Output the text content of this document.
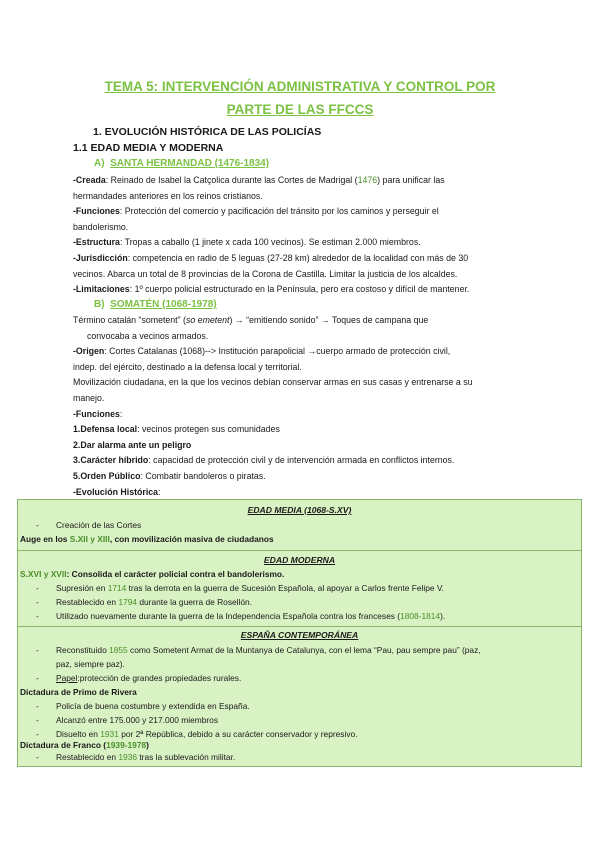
TEMA 5: INTERVENCIÓN ADMINISTRATIVA Y CONTROL POR
PARTE DE LAS FFCCS
1. EVOLUCIÓN HISTÓRICA DE LAS POLICÍAS
1.1 EDAD MEDIA Y MODERNA
A) SANTA HERMANDAD (1476-1834)
-Creada: Reinado de Isabel la Catçolica durante las Cortes de Madrigal (1476) para unificar las
hermandades anteriores en los reinos cristianos.
-Funciones: Protección del comercio y pacificación del tránsito por los caminos y perseguir el
bandolerismo.
-Estructura: Tropas a caballo (1 jinete x cada 100 vecinos). Se estiman 2.000 miembros.
-Jurisdicción: competencia en radio de 5 leguas (27-28 km) alrededor de la localidad con más de 30
vecinos. Abarca un total de 8 provincias de la Corona de Castilla. Limitar la justicia de los alcaldes.
-Limitaciones: 1º cuerpo policial estructurado en la Península, pero era costoso y difícil de mantener.
B) SOMATÉN (1068-1978)
Término catalán “sometent” (so emetent) → “emitiendo sonido” → Toques de campana que
convocaba a vecinos armados.
-Origen: Cortes Catalanas (1068)--> Institución parapolicial →cuerpo armado de protección civil,
indep. del ejército, destinado a la defensa local y territorial.
Movilización ciudadana, en la que los vecinos debían conservar armas en sus casas y entrenarse a su
manejo.
-Funciones:
1.Defensa local: vecinos protegen sus comunidades
2.Dar alarma ante un peligro
3.Carácter híbrido: capacidad de protección civil y de intervención armada en conflictos internos.
5.Orden Público: Combatir bandoleros o piratas.
-Evolución Histórica:
EDAD MEDIA (1068-S.XV)
- Creación de las Cortes
Auge en los S.XII y XIII, con movilización masiva de ciudadanos
EDAD MODERNA
S.XVI y XVII: Consolida el carácter policial contra el bandolerismo.
- Supresión en 1714 tras la derrota en la guerra de Sucesión Española, al apoyar a Carlos frente Felipe V.
- Restablecido en 1794 durante la guerra de Rosellón.
- Utilizado nuevamente durante la guerra de la Independencia Española contra los franceses (1808-1814).
ESPAÑA CONTEMPORÁNEA
- Reconstituido 1855 como Sometent Armat de la Muntanya de Catalunya, con el lema “Pau, pau sempre pau” (paz,
paz, siempre paz).
- Papel:protección de grandes propiedades rurales.
Dictadura de Primo de Rivera
- Policía de buena costumbre y extendida en España.
- Alcanzó entre 175.000 y 217.000 miembros
- Disuelto en 1931 por 2ª República, debido a su carácter conservador y represivo.
Dictadura de Franco (1939-1978)
- Restablecido en 1936 tras la sublevación militar.
